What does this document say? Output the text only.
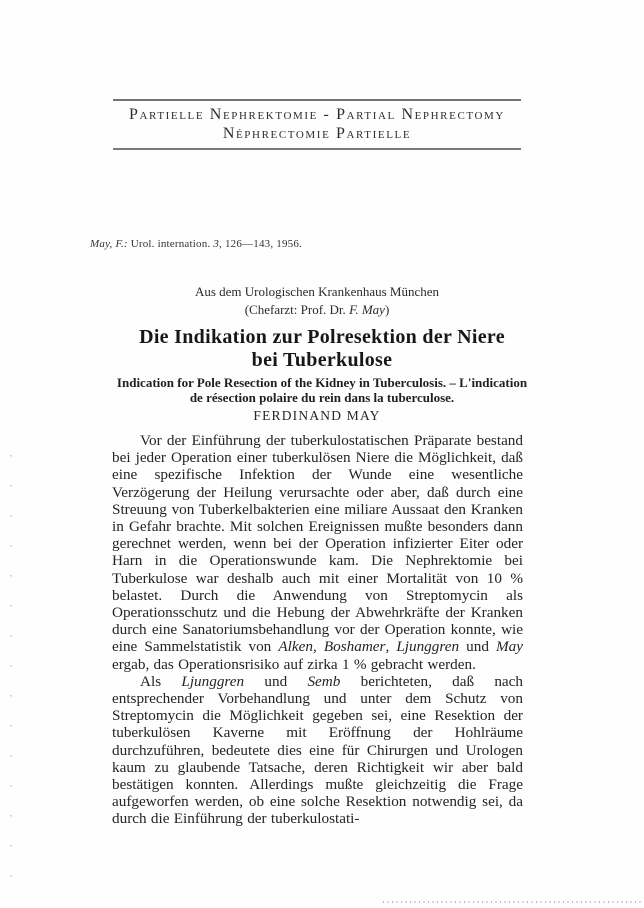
Partielle Nephrektomie - Partial Nephrectomy
Néphrectomie Partielle
May, F.: Urol. internation. 3, 126—143, 1956.
Aus dem Urologischen Krankenhaus München
(Chefarzt: Prof. Dr. F. May)
Die Indikation zur Polresektion der Niere
bei Tuberkulose
Indication for Pole Resection of the Kidney in Tuberculosis. – L'indication
de résection polaire du rein dans la tuberculose.
FERDINAND MAY

Vor der Einführung der tuberkulostatischen Präparate bestand bei jeder Operation einer tuberkulösen Niere die Möglichkeit, daß eine spezifische Infektion der Wunde eine wesentliche Verzögerung der Heilung verursachte oder aber, daß durch eine Streuung von Tuberkelbakterien eine miliare Aussaat den Kranken in Gefahr brachte. Mit solchen Ereignissen mußte besonders dann gerechnet werden, wenn bei der Operation infizierter Eiter oder Harn in die Operationswunde kam. Die Nephrektomie bei Tuberkulose war deshalb auch mit einer Mortalität von 10 % belastet. Durch die Anwendung von Streptomycin als Operationsschutz und die Hebung der Abwehrkräfte der Kranken durch eine Sanatoriumsbehandlung vor der Operation konnte, wie eine Sammelstatistik von Alken, Boshamer, Ljunggren und May ergab, das Operationsrisiko auf zirka 1 % gebracht werden.

Als Ljunggren und Semb berichteten, daß nach entsprechender Vorbehandlung und unter dem Schutz von Streptomycin die Möglichkeit gegeben sei, eine Resektion der tuberkulösen Kaverne mit Eröffnung der Hohlräume durchzuführen, bedeutete dies eine für Chirurgen und Urologen kaum zu glaubende Tatsache, deren Richtigkeit wir aber bald bestätigen konnten. Allerdings mußte gleichzeitig die Frage aufgeworfen werden, ob eine solche Resektion notwendig sei, da durch die Einführung der tuberkulostati-
